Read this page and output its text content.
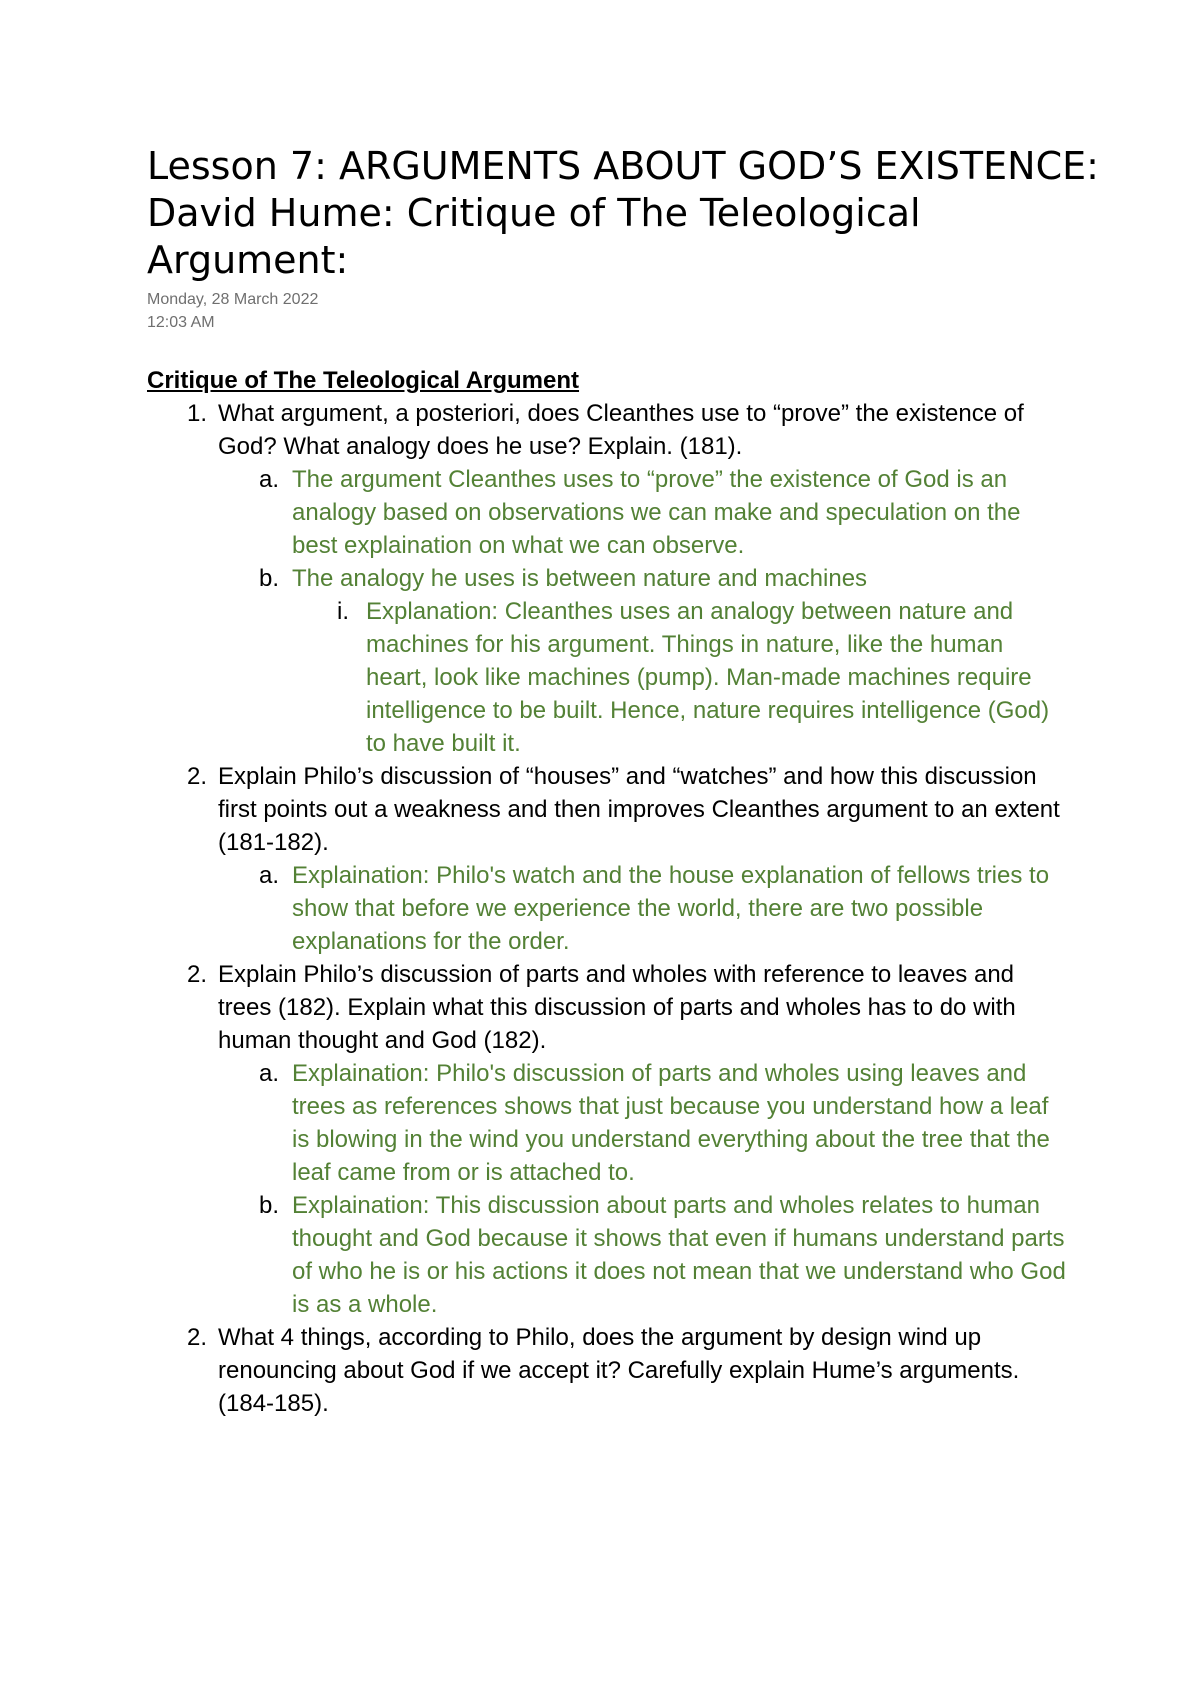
Lesson 7: ARGUMENTS ABOUT GOD’S EXISTENCE: David Hume: Critique of The Teleological Argument:
Monday, 28 March 2022
12:03 AM
Critique of The Teleological Argument
1. What argument, a posteriori, does Cleanthes use to “prove” the existence of God? What analogy does he use? Explain. (181).
a. The argument Cleanthes uses to “prove” the existence of God is an analogy based on observations we can make and speculation on the best explaination on what we can observe.
b. The analogy he uses is between nature and machines
i. Explanation: Cleanthes uses an analogy between nature and machines for his argument. Things in nature, like the human heart, look like machines (pump). Man-made machines require intelligence to be built. Hence, nature requires intelligence (God) to have built it.
2. Explain Philo’s discussion of “houses” and “watches” and how this discussion first points out a weakness and then improves Cleanthes argument to an extent (181-182).
a. Explaination: Philo's watch and the house explanation of fellows tries to show that before we experience the world, there are two possible explanations for the order.
2. Explain Philo’s discussion of parts and wholes with reference to leaves and trees (182). Explain what this discussion of parts and wholes has to do with human thought and God (182).
a. Explaination: Philo's discussion of parts and wholes using leaves and trees as references shows that just because you understand how a leaf is blowing in the wind you understand everything about the tree that the leaf came from or is attached to.
b. Explaination: This discussion about parts and wholes relates to human thought and God because it shows that even if humans understand parts of who he is or his actions it does not mean that we understand who God is as a whole.
2. What 4 things, according to Philo, does the argument by design wind up renouncing about God if we accept it? Carefully explain Hume’s arguments. (184-185).
